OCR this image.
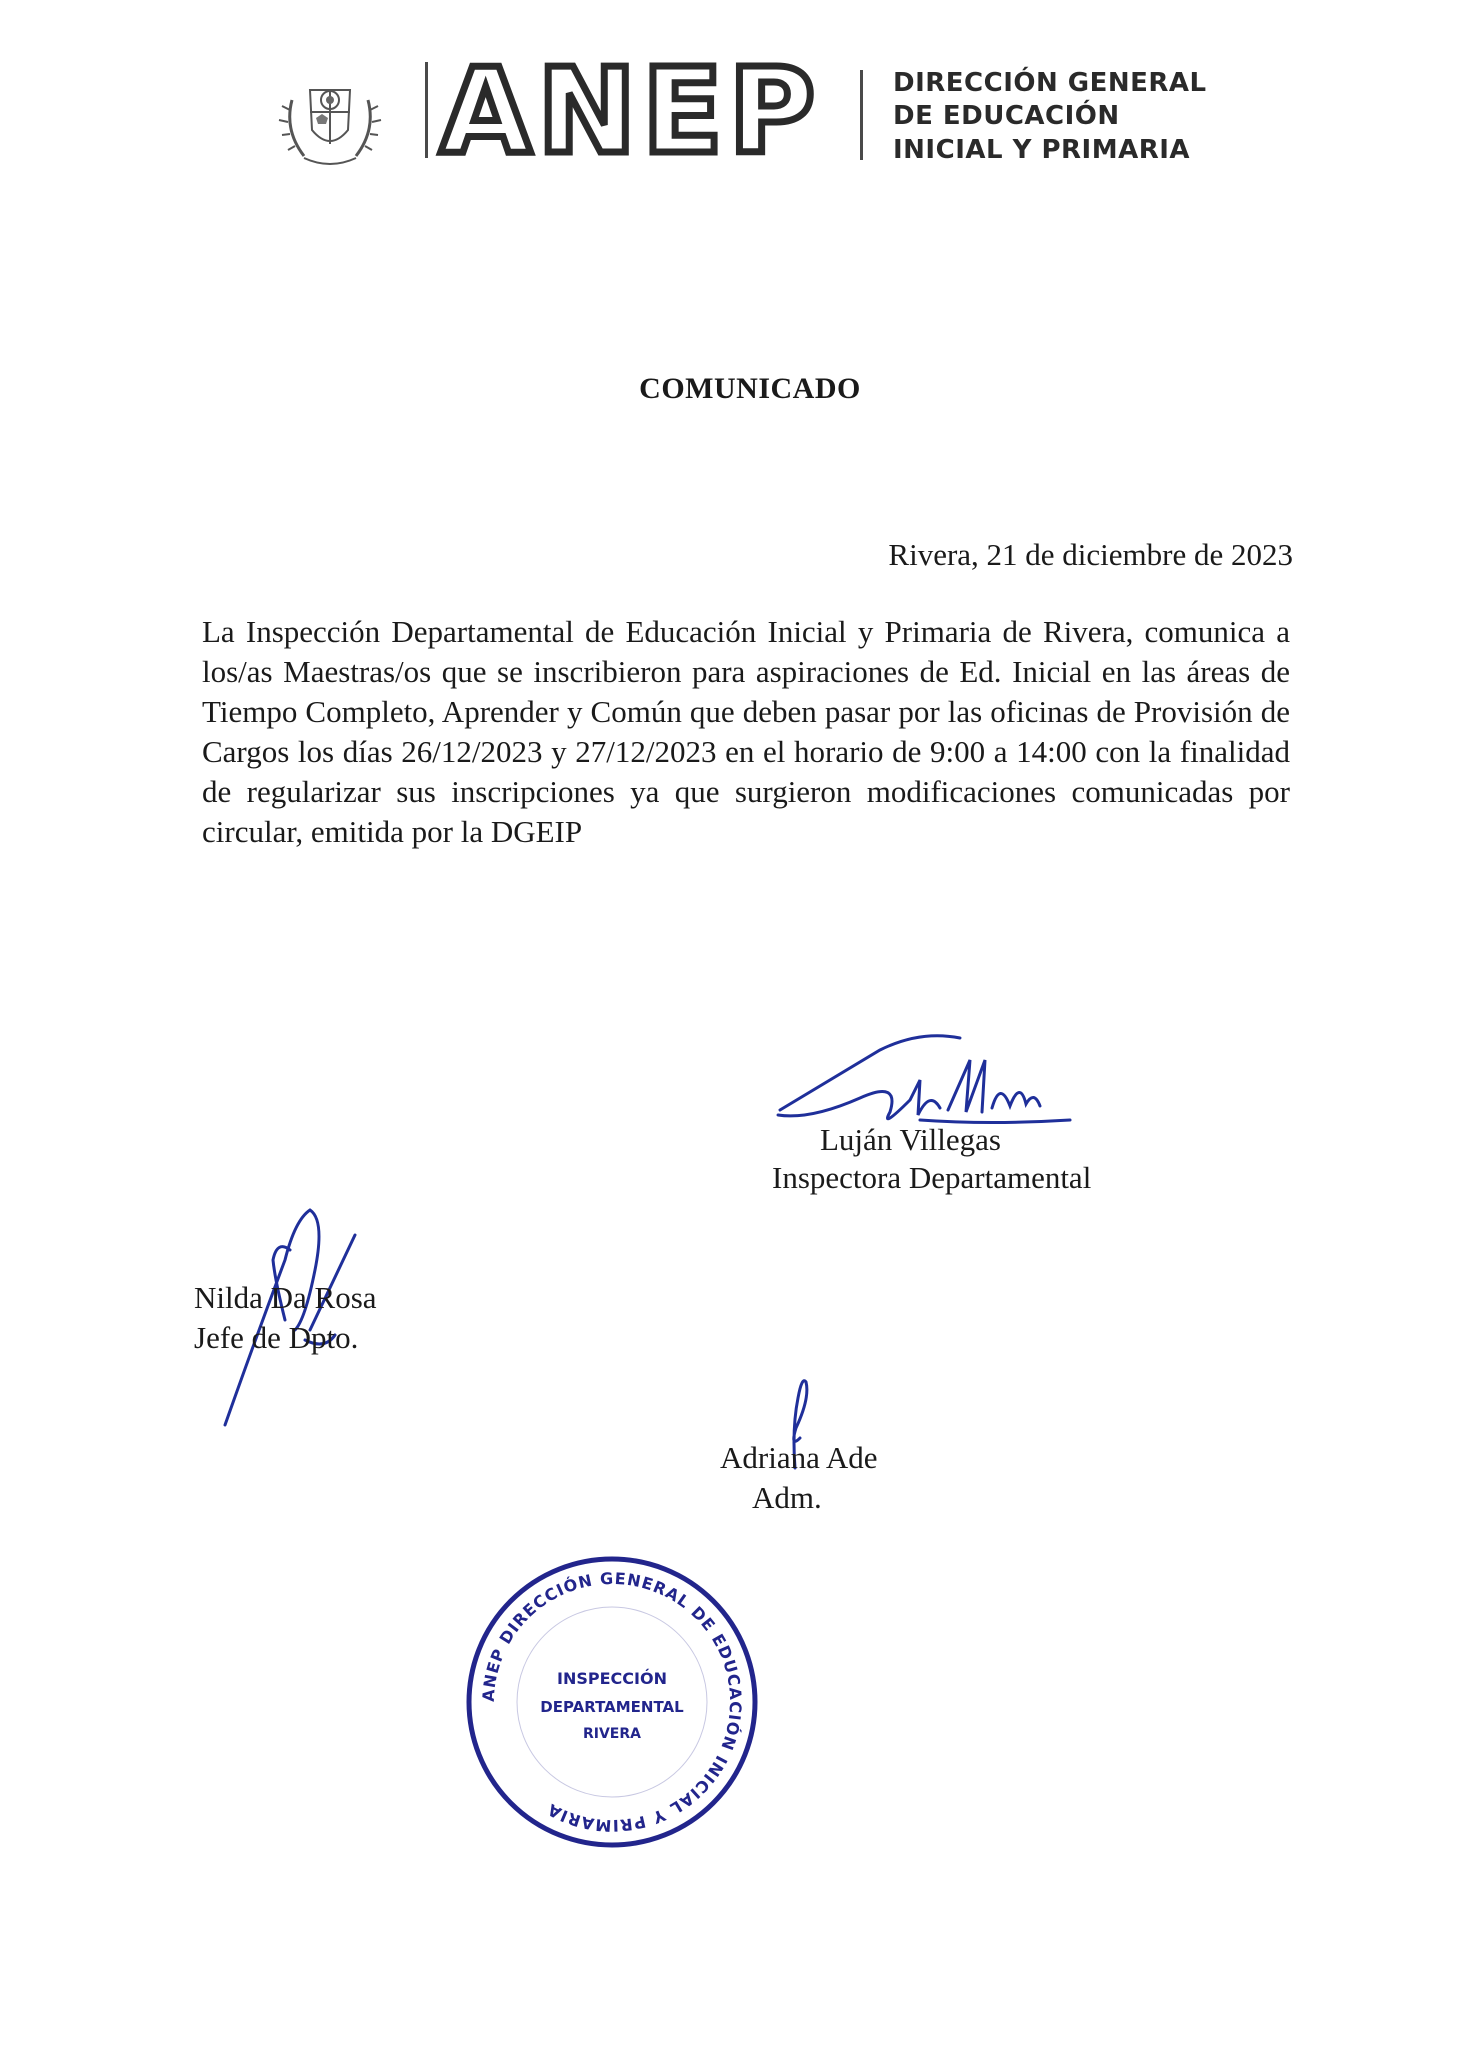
ANEP	DIRECCIÓN GENERAL
DE EDUCACIÓN
INICIAL Y PRIMARIA
COMUNICADO
Rivera, 21 de diciembre de 2023
La Inspección Departamental de Educación Inicial y Primaria de Rivera, comunica a los/as Maestras/os que se inscribieron para aspiraciones de Ed. Inicial en las áreas de Tiempo Completo, Aprender y Común que deben pasar por las oficinas de Provisión de Cargos los días 26/12/2023 y 27/12/2023 en el horario de 9:00 a 14:00 con la finalidad de regularizar sus inscripciones ya que surgieron modificaciones comunicadas por circular, emitida por la DGEIP
Luján Villegas
Inspectora Departamental
Nilda Da Rosa
Jefe de Dpto.
Adriana Ade
Adm.
ANEP DIRECCIÓN GENERAL DE EDUCACIÓN INICIAL Y PRIMARIA
INSPECCIÓN
DEPARTAMENTAL
RIVERA
